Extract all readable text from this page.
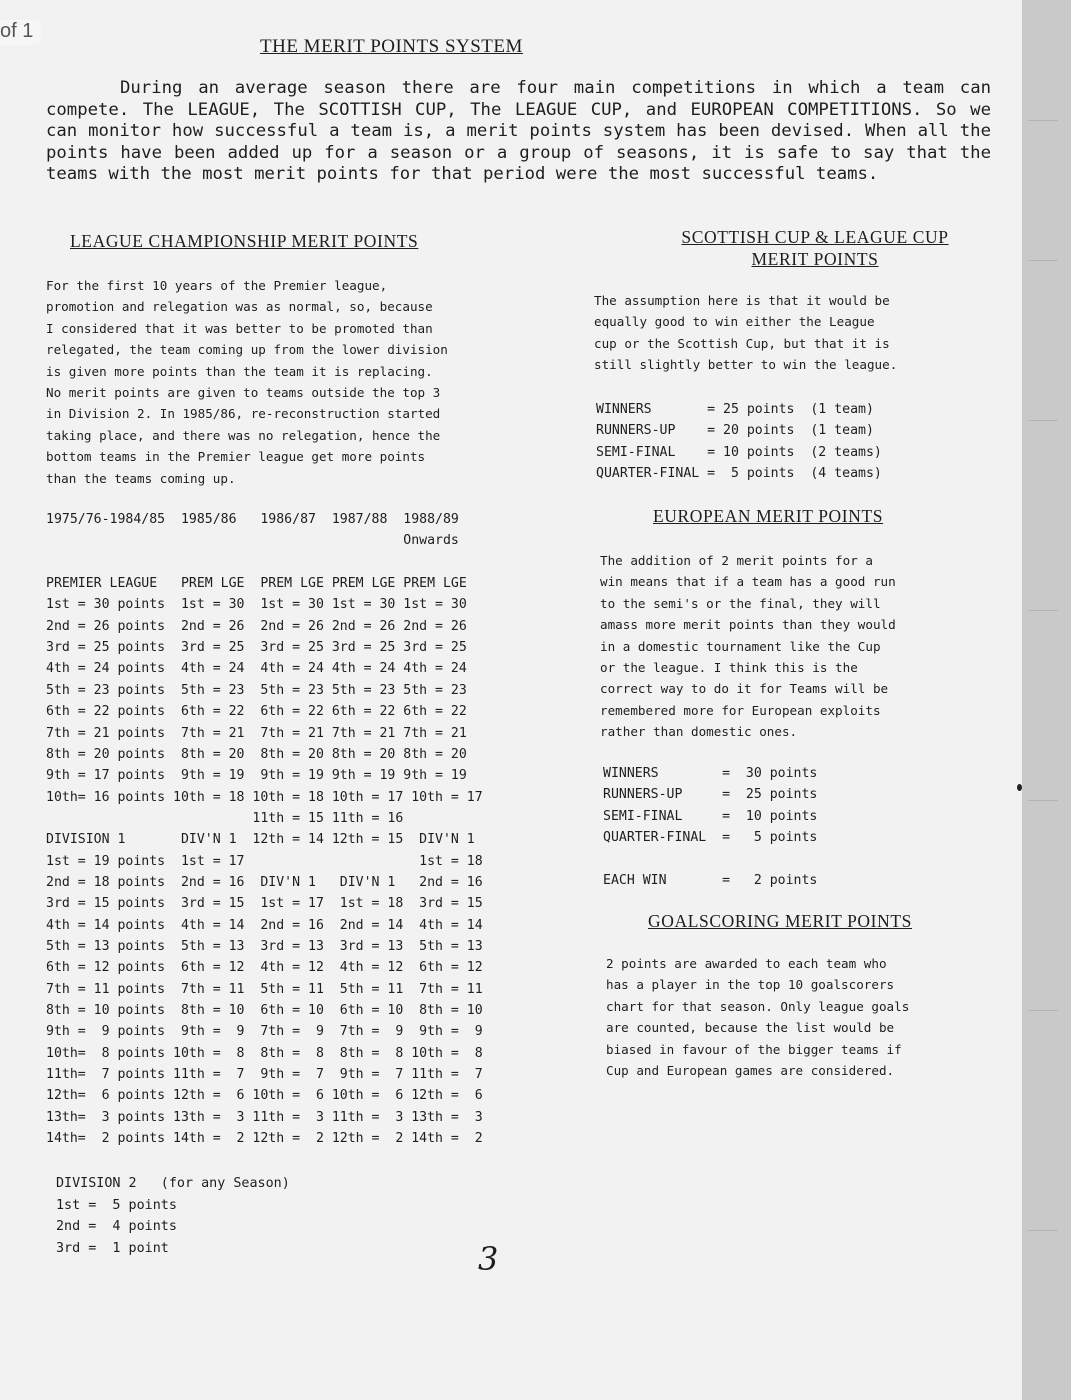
of 1
THE MERIT POINTS SYSTEM

During an average season there are four main competitions in which a team can compete. The LEAGUE, The SCOTTISH CUP, The LEAGUE CUP, and EUROPEAN COMPETITIONS. So we can monitor how successful a team is, a merit points system has been devised. When all the points have been added up for a season or a group of seasons, it is safe to say that the teams with the most merit points for that period were the most successful teams.

LEAGUE CHAMPIONSHIP MERIT POINTS

For the first 10 years of the Premier league,
promotion and relegation was as normal, so, because
I considered that it was better to be promoted than
relegated, the team coming up from the lower division
is given more points than the team it is replacing.
No merit points are given to teams outside the top 3
in Division 2. In 1985/86, re-reconstruction started
taking place, and there was no relegation, hence the
bottom teams in the Premier league get more points
than the teams coming up.

1975/76-1984/85  1985/86   1986/87  1987/88  1988/89
Onwards
PREMIER LEAGUE   PREM LGE  PREM LGE PREM LGE PREM LGE
1st = 30 points  1st = 30  1st = 30 1st = 30 1st = 30
2nd = 26 points  2nd = 26  2nd = 26 2nd = 26 2nd = 26
3rd = 25 points  3rd = 25  3rd = 25 3rd = 25 3rd = 25
4th = 24 points  4th = 24  4th = 24 4th = 24 4th = 24
5th = 23 points  5th = 23  5th = 23 5th = 23 5th = 23
6th = 22 points  6th = 22  6th = 22 6th = 22 6th = 22
7th = 21 points  7th = 21  7th = 21 7th = 21 7th = 21
8th = 20 points  8th = 20  8th = 20 8th = 20 8th = 20
9th = 17 points  9th = 19  9th = 19 9th = 19 9th = 19
10th= 16 points 10th = 18 10th = 18 10th = 17 10th = 17
11th = 15 11th = 16
DIVISION 1       DIV'N 1  12th = 14 12th = 15  DIV'N 1
1st = 19 points  1st = 17                      1st = 18
2nd = 18 points  2nd = 16  DIV'N 1   DIV'N 1   2nd = 16
3rd = 15 points  3rd = 15  1st = 17  1st = 18  3rd = 15
4th = 14 points  4th = 14  2nd = 16  2nd = 14  4th = 14
5th = 13 points  5th = 13  3rd = 13  3rd = 13  5th = 13
6th = 12 points  6th = 12  4th = 12  4th = 12  6th = 12
7th = 11 points  7th = 11  5th = 11  5th = 11  7th = 11
8th = 10 points  8th = 10  6th = 10  6th = 10  8th = 10
9th =  9 points  9th =  9  7th =  9  7th =  9  9th =  9
10th=  8 points 10th =  8  8th =  8  8th =  8 10th =  8
11th=  7 points 11th =  7  9th =  7  9th =  7 11th =  7
12th=  6 points 12th =  6 10th =  6 10th =  6 12th =  6
13th=  3 points 13th =  3 11th =  3 11th =  3 13th =  3
14th=  2 points 14th =  2 12th =  2 12th =  2 14th =  2
DIVISION 2   (for any Season)
1st =  5 points
2nd =  4 points
3rd =  1 point
SCOTTISH CUP & LEAGUE CUP
MERIT POINTS

The assumption here is that it would be
equally good to win either the League
cup or the Scottish Cup, but that it is
still slightly better to win the league.

WINNERS       = 25 points  (1 team)
RUNNERS-UP    = 20 points  (1 team)
SEMI-FINAL    = 10 points  (2 teams)
QUARTER-FINAL =  5 points  (4 teams)
EUROPEAN MERIT POINTS

The addition of 2 merit points for a
win means that if a team has a good run
to the semi's or the final, they will
amass more merit points than they would
in a domestic tournament like the Cup
or the league. I think this is the
correct way to do it for Teams will be
remembered more for European exploits
rather than domestic ones.

WINNERS        =  30 points
RUNNERS-UP     =  25 points
SEMI-FINAL     =  10 points
QUARTER-FINAL  =   5 points
EACH WIN       =   2 points
GOALSCORING MERIT POINTS

2 points are awarded to each team who
has a player in the top 10 goalscorers
chart for that season. Only league goals
are counted, because the list would be
biased in favour of the bigger teams if
Cup and European games are considered.

3
